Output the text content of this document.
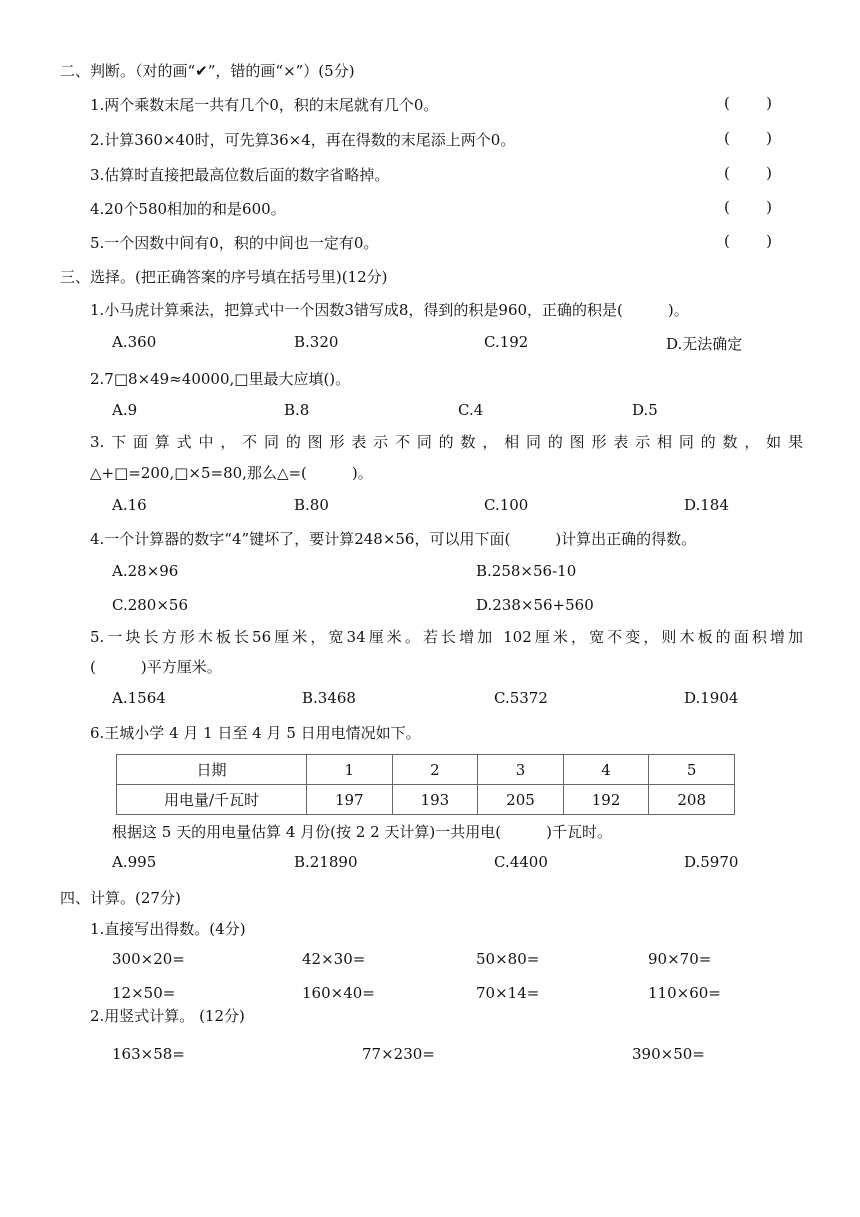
二、判断。（对的画“✔”，错的画“×”）(5分)
1.两个乘数末尾一共有几个0，积的末尾就有几个0。	( )
2.计算360×40时，可先算36×4，再在得数的末尾添上两个0。	( )
3.估算时直接把最高位数后面的数字省略掉。	( )
4.20个580相加的和是600。	( )
5.一个因数中间有0，积的中间也一定有0。	( )
三、选择。(把正确答案的序号填在括号里)(12分)
1.小马虎计算乘法，把算式中一个因数3错写成8，得到的积是960，正确的积是(　　　)。
A.360	B.320	C.192	D.无法确定
2.7□8×49≈40000,□里最大应填()。
A.9	B.8	C.4	D.5
3.下面算式中，不同的图形表示不同的数，相同的图形表示相同的数，如果
△+□=200,□×5=80,那么△=(　　　)。
A.16	B.80	C.100	D.184
4.一个计算器的数字“4”键坏了，要计算248×56，可以用下面(　　　)计算出正确的得数。
A.28×96	B.258×56-10
C.280×56	D.238×56+560
5.一块长方形木板长56厘米，宽34厘米。若长增加 102厘米，宽不变，则木板的面积增加
(　　　)平方厘米。
A.1564	B.3468	C.5372	D.1904
6.王城小学 4 月 1 日至 4 月 5 日用电情况如下。
日期	1	2	3	4	5
用电量/千瓦时	197	193	205	192	208
根据这 5 天的用电量估算 4 月份(按 2 2 天计算)一共用电(　　　)千瓦时。
A.995	B.21890	C.4400	D.5970
四、计算。(27分)
1.直接写出得数。(4分)
300×20=	42×30=	50×80=	90×70=
12×50=	160×40=	70×14=	110×60=
2.用竖式计算。 (12分)
163×58=	77×230=	390×50=
